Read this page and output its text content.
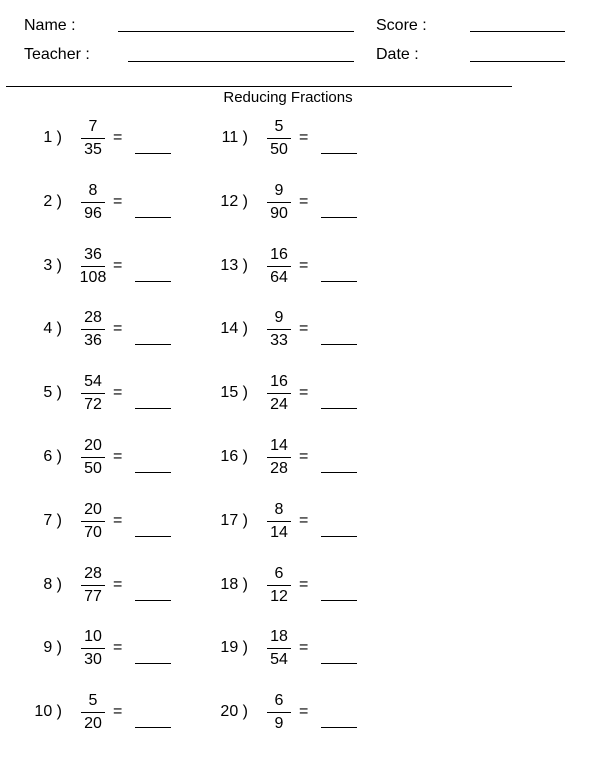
Name :	Score :
Teacher :	Date :
Reducing Fractions
1 )
7
35
=
2 )
8
96
=
3 )
36
108
=
4 )
28
36
=
5 )
54
72
=
6 )
20
50
=
7 )
20
70
=
8 )
28
77
=
9 )
10
30
=
10 )
5
20
=
11 )
5
50
=
12 )
9
90
=
13 )
16
64
=
14 )
9
33
=
15 )
16
24
=
16 )
14
28
=
17 )
8
14
=
18 )
6
12
=
19 )
18
54
=
20 )
6
9
=
